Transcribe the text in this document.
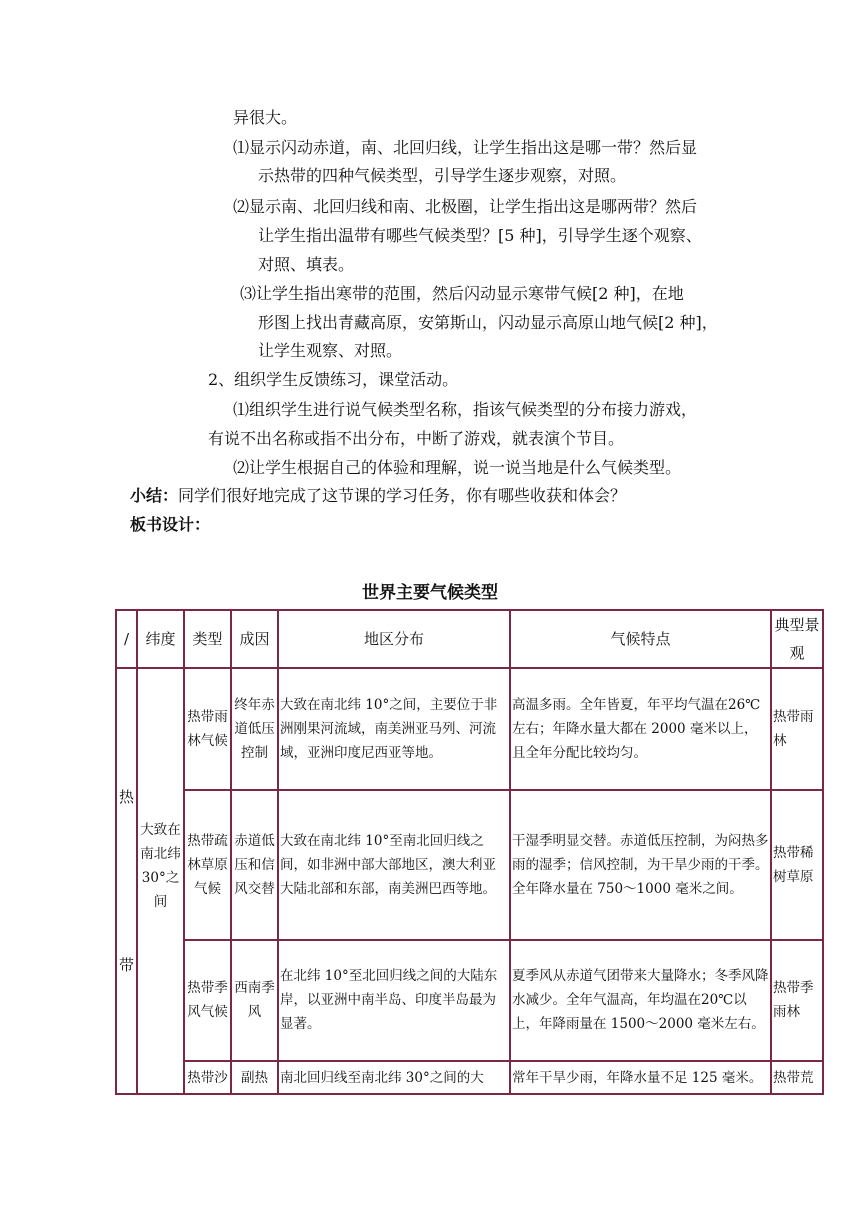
异很大。
⑴显示闪动赤道，南、北回归线，让学生指出这是哪一带？然后显
示热带的四种气候类型，引导学生逐步观察，对照。
⑵显示南、北回归线和南、北极圈，让学生指出这是哪两带？然后
让学生指出温带有哪些气候类型？[5 种]，引导学生逐个观察、
对照、填表。
⑶让学生指出寒带的范围，然后闪动显示寒带气候[2 种]，在地
形图上找出青藏高原，安第斯山，闪动显示高原山地气候[2 种]，
让学生观察、对照。
2、组织学生反馈练习，课堂活动。
⑴组织学生进行说气候类型名称，指该气候类型的分布接力游戏，
有说不出名称或指不出分布，中断了游戏，就表演个节目。
⑵让学生根据自己的体验和理解，说一说当地是什么气候类型。
小结：同学们很好地完成了这节课的学习任务，你有哪些收获和体会？
板书设计：
世界主要气候类型
/	纬度	类型	成因	地区分布	气候特点	典型景观

热
带	大致在南北纬30°之间	热带雨林气候	终年赤道低压控制	大致在南北纬 10°之间，主要位于非洲刚果河流域，南美洲亚马列、河流域，亚洲印度尼西亚等地。	高温多雨。全年皆夏，年平均气温在26℃左右；年降水量大都在 2000 毫米以上，且全年分配比较均匀。	热带雨林
		热带疏林草原气候	赤道低压和信风交替	大致在南北纬 10°至南北回归线之间，如非洲中部大部地区，澳大利亚大陆北部和东部，南美洲巴西等地。	干湿季明显交替。赤道低压控制，为闷热多雨的湿季；信风控制，为干旱少雨的干季。全年降水量在 750～1000 毫米之间。	热带稀树草原
		热带季风气候	西南季风	在北纬 10°至北回归线之间的大陆东岸，以亚洲中南半岛、印度半岛最为显著。	夏季风从赤道气团带来大量降水；冬季风降水减少。全年气温高，年均温在20℃以上，年降雨量在 1500～2000 毫米左右。	热带季雨林
		热带沙	副热	南北回归线至南北纬 30°之间的大	常年干旱少雨，年降水量不足 125 毫米。	热带荒
